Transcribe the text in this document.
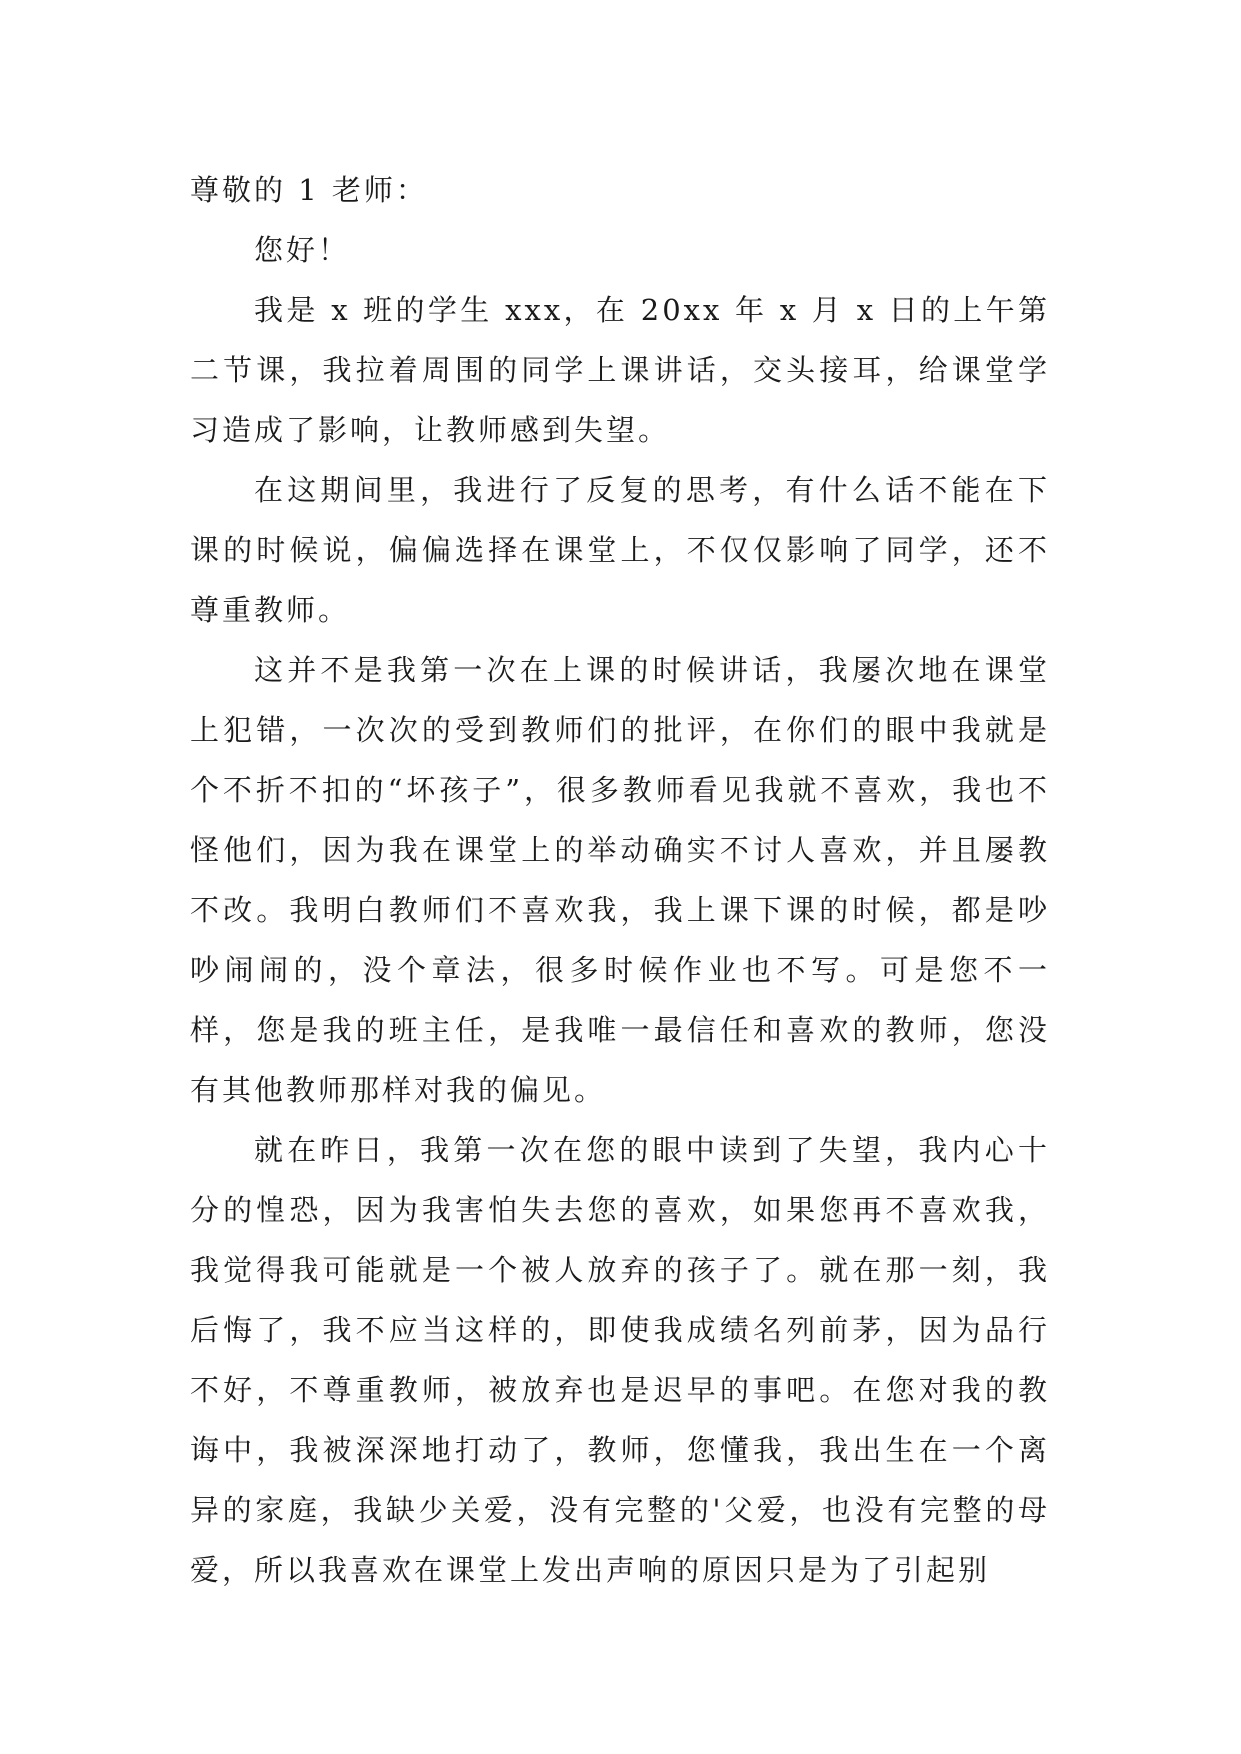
尊敬的 1 老师：

您好！

我是 x 班的学生 xxx，在 20xx 年 x 月 x 日的上午第二节课，我拉着周围的同学上课讲话，交头接耳，给课堂学习造成了影响，让教师感到失望。

在这期间里，我进行了反复的思考，有什么话不能在下课的时候说，偏偏选择在课堂上，不仅仅影响了同学，还不尊重教师。

这并不是我第一次在上课的时候讲话，我屡次地在课堂上犯错，一次次的受到教师们的批评，在你们的眼中我就是个不折不扣的“坏孩子”，很多教师看见我就不喜欢，我也不怪他们，因为我在课堂上的举动确实不讨人喜欢，并且屡教不改。我明白教师们不喜欢我，我上课下课的时候，都是吵吵闹闹的，没个章法，很多时候作业也不写。可是您不一样，您是我的班主任，是我唯一最信任和喜欢的教师，您没有其他教师那样对我的偏见。

就在昨日，我第一次在您的眼中读到了失望，我内心十分的惶恐，因为我害怕失去您的喜欢，如果您再不喜欢我，我觉得我可能就是一个被人放弃的孩子了。就在那一刻，我后悔了，我不应当这样的，即使我成绩名列前茅，因为品行不好，不尊重教师，被放弃也是迟早的事吧。在您对我的教诲中，我被深深地打动了，教师，您懂我，我出生在一个离异的家庭，我缺少关爱，没有完整的'父爱，也没有完整的母爱，所以我喜欢在课堂上发出声响的原因只是为了引起别
